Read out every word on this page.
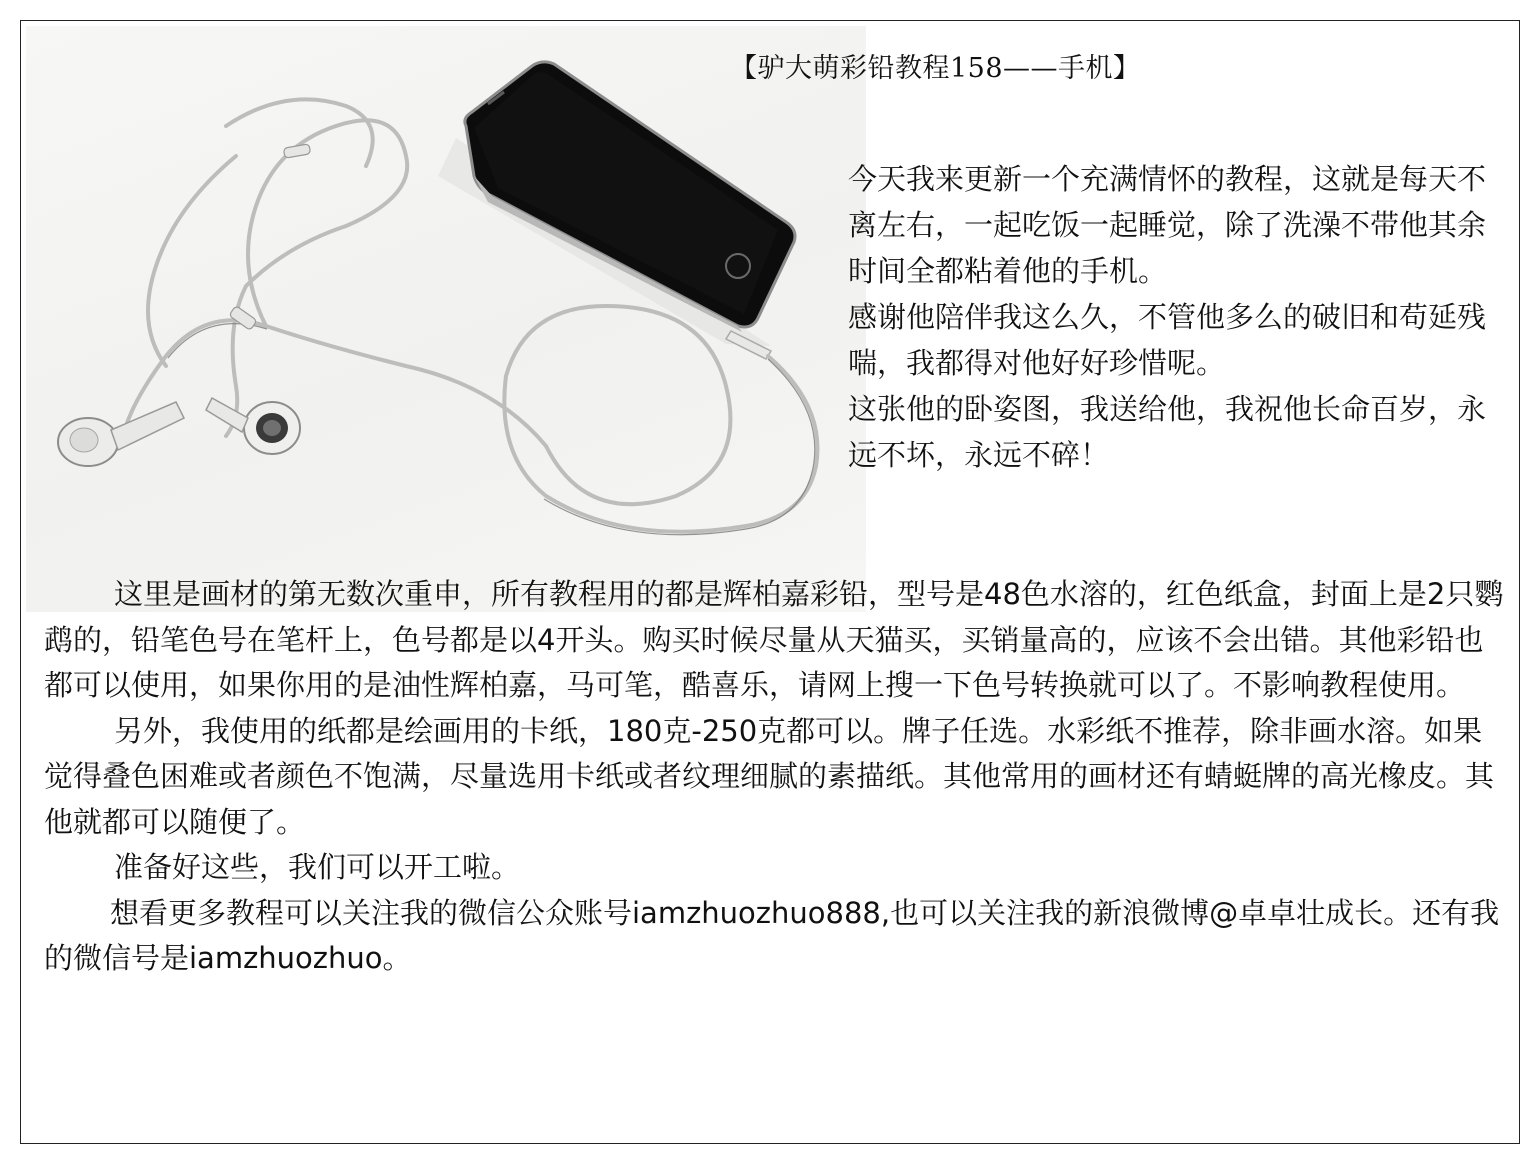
【驴大萌彩铅教程158——手机】

今天我来更新一个充满情怀的教程，这就是每天不离左右，一起吃饭一起睡觉，除了洗澡不带他其余时间全都粘着他的手机。

感谢他陪伴我这么久，不管他多么的破旧和苟延残喘，我都得对他好好珍惜呢。

这张他的卧姿图，我送给他，我祝他长命百岁，永远不坏，永远不碎！

这里是画材的第无数次重申，所有教程用的都是辉柏嘉彩铅，型号是48色水溶的，红色纸盒，封面上是2只鹦鹉的，铅笔色号在笔杆上，色号都是以4开头。购买时候尽量从天猫买，买销量高的，应该不会出错。其他彩铅也都可以使用，如果你用的是油性辉柏嘉，马可笔，酷喜乐，请网上搜一下色号转换就可以了。不影响教程使用。

另外，我使用的纸都是绘画用的卡纸，180克-250克都可以。牌子任选。水彩纸不推荐，除非画水溶。如果觉得叠色困难或者颜色不饱满，尽量选用卡纸或者纹理细腻的素描纸。其他常用的画材还有蜻蜓牌的高光橡皮。其他就都可以随便了。

准备好这些，我们可以开工啦。

想看更多教程可以关注我的微信公众账号iamzhuozhuo888,也可以关注我的新浪微博@卓卓壮成长。还有我的微信号是iamzhuozhuo。
